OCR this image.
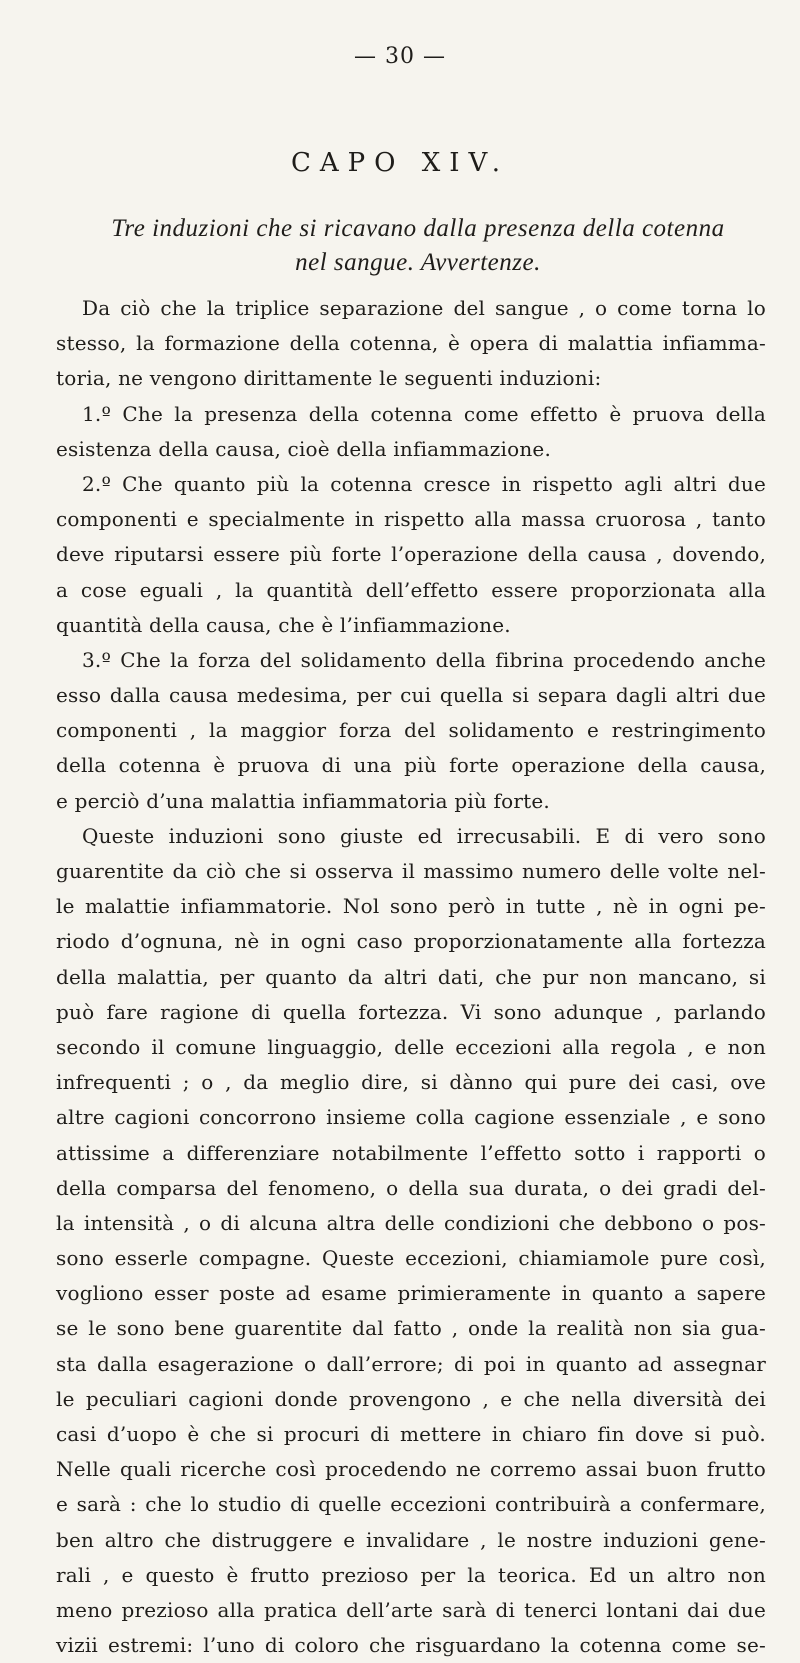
— 30 —
CAPO XIV.
Tre induzioni che si ricavano dalla presenza della cotenna
nel sangue. Avvertenze.
Da ciò che la triplice separazione del sangue , o come torna lo
stesso, la formazione della cotenna, è opera di malattia infiamma-
toria, ne vengono dirittamente le seguenti induzioni:
1.º Che la presenza della cotenna come effetto è pruova della
esistenza della causa, cioè della infiammazione.
2.º Che quanto più la cotenna cresce in rispetto agli altri due
componenti e specialmente in rispetto alla massa cruorosa , tanto
deve riputarsi essere più forte l’operazione della causa , dovendo,
a cose eguali , la quantità dell’effetto essere proporzionata alla
quantità della causa, che è l’infiammazione.
3.º Che la forza del solidamento della fibrina procedendo anche
esso dalla causa medesima, per cui quella si separa dagli altri due
componenti , la maggior forza del solidamento e restringimento
della cotenna è pruova di una più forte operazione della causa,
e perciò d’una malattia infiammatoria più forte.
Queste induzioni sono giuste ed irrecusabili. E di vero sono
guarentite da ciò che si osserva il massimo numero delle volte nel-
le malattie infiammatorie. Nol sono però in tutte , nè in ogni pe-
riodo d’ognuna, nè in ogni caso proporzionatamente alla fortezza
della malattia, per quanto da altri dati, che pur non mancano, si
può fare ragione di quella fortezza. Vi sono adunque , parlando
secondo il comune linguaggio, delle eccezioni alla regola , e non
infrequenti ; o , da meglio dire, si dànno qui pure dei casi, ove
altre cagioni concorrono insieme colla cagione essenziale , e sono
attissime a differenziare notabilmente l’effetto sotto i rapporti o
della comparsa del fenomeno, o della sua durata, o dei gradi del-
la intensità , o di alcuna altra delle condizioni che debbono o pos-
sono esserle compagne. Queste eccezioni, chiamiamole pure così,
vogliono esser poste ad esame primieramente in quanto a sapere
se le sono bene guarentite dal fatto , onde la realità non sia gua-
sta dalla esagerazione o dall’errore; di poi in quanto ad assegnar
le peculiari cagioni donde provengono , e che nella diversità dei
casi d’uopo è che si procuri di mettere in chiaro fin dove si può.
Nelle quali ricerche così procedendo ne corremo assai buon frutto
e sarà : che lo studio di quelle eccezioni contribuirà a confermare,
ben altro che distruggere e invalidare , le nostre induzioni gene-
rali , e questo è frutto prezioso per la teorica. Ed un altro non
meno prezioso alla pratica dell’arte sarà di tenerci lontani dai due
vizii estremi: l’uno di coloro che risguardano la cotenna come se-
